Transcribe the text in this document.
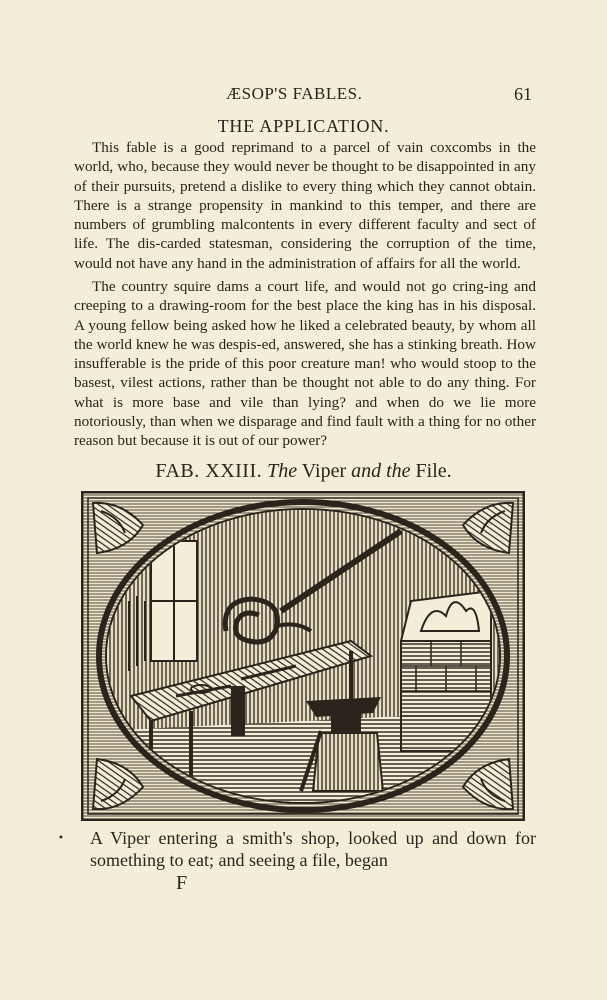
ÆSOP'S FABLES.	61
THE APPLICATION.

This fable is a good reprimand to a parcel of vain coxcombs in the world, who, because they would never be thought to be disappointed in any of their pursuits, pretend a dislike to every thing which they cannot obtain. There is a strange propensity in mankind to this temper, and there are numbers of grumbling malcontents in every different faculty and sect of life. The dis-carded statesman, considering the corruption of the time, would not have any hand in the administration of affairs for all the world.

The country squire dams a court life, and would not go cring-ing and creeping to a drawing-room for the best place the king has in his disposal. A young fellow being asked how he liked a celebrated beauty, by whom all the world knew he was despis-ed, answered, she has a stinking breath. How insufferable is the pride of this poor creature man! who would stoop to the basest, vilest actions, rather than be thought not able to do any thing. For what is more base and vile than lying? and when do we lie more notoriously, than when we disparage and find fault with a thing for no other reason but because it is out of our power?

FAB. XXIII. The Viper and the File.
• A Viper entering a smith's shop, looked up and down for something to eat; and seeing a file, began

F
